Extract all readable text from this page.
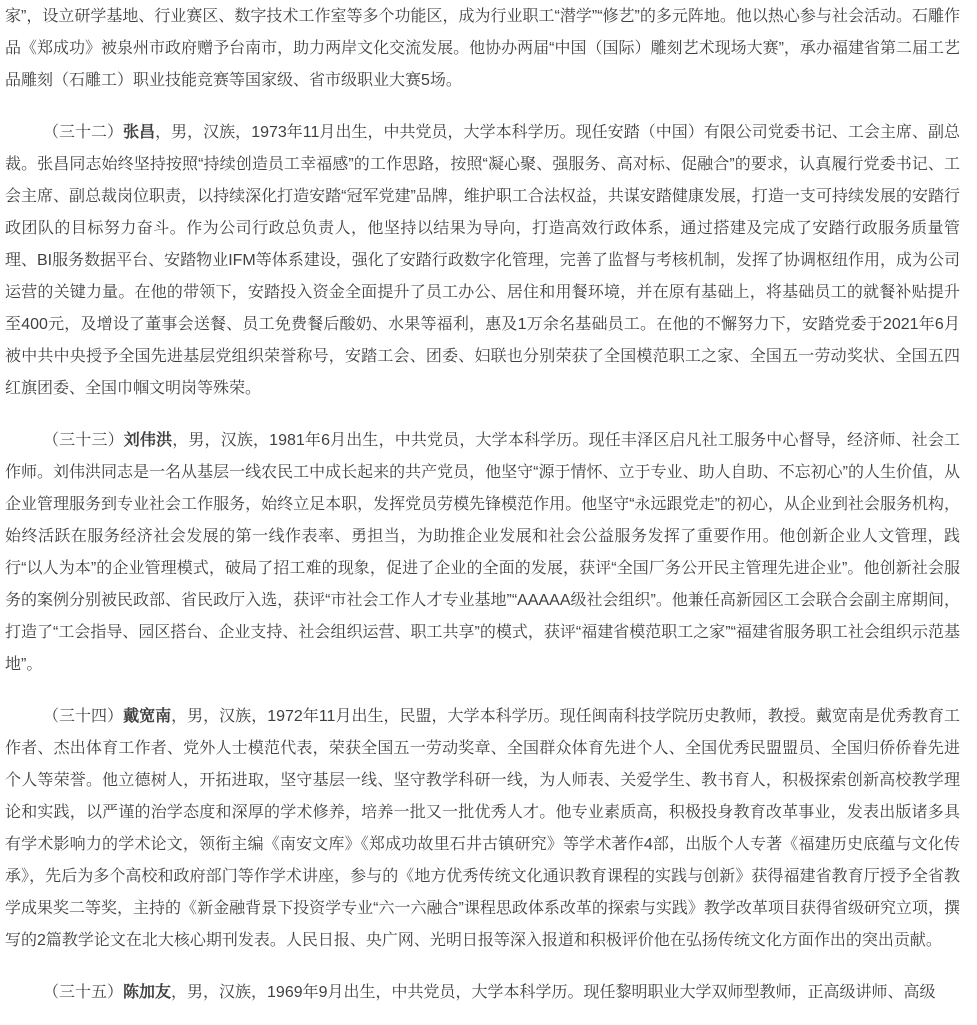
家”，设立研学基地、行业赛区、数字技术工作室等多个功能区，成为行业职工“潜学”“修艺”的多元阵地。他以热心参与社会活动。石雕作品《郑成功》被泉州市政府赠予台南市，助力两岸文化交流发展。他协办两届“中国（国际）雕刻艺术现场大赛”，承办福建省第二届工艺品雕刻（石雕工）职业技能竞赛等国家级、省市级职业大赛5场。

（三十二）张昌，男，汉族，1973年11月出生，中共党员，大学本科学历。现任安踏（中国）有限公司党委书记、工会主席、副总裁。张昌同志始终坚持按照“持续创造员工幸福感”的工作思路，按照“凝心聚、强服务、高对标、促融合”的要求，认真履行党委书记、工会主席、副总裁岗位职责，以持续深化打造安踏“冠军党建”品牌，维护职工合法权益，共谋安踏健康发展，打造一支可持续发展的安踏行政团队的目标努力奋斗。作为公司行政总负责人，他坚持以结果为导向，打造高效行政体系，通过搭建及完成了安踏行政服务质量管理、BI服务数据平台、安踏物业IFM等体系建设，强化了安踏行政数字化管理，完善了监督与考核机制，发挥了协调枢纽作用，成为公司运营的关键力量。在他的带领下，安踏投入资金全面提升了员工办公、居住和用餐环境，并在原有基础上，将基础员工的就餐补贴提升至400元，及增设了董事会送餐、员工免费餐后酸奶、水果等福利，惠及1万余名基础员工。在他的不懈努力下，安踏党委于2021年6月被中共中央授予全国先进基层党组织荣誉称号，安踏工会、团委、妇联也分别荣获了全国模范职工之家、全国五一劳动奖状、全国五四红旗团委、全国巾帼文明岗等殊荣。

（三十三）刘伟洪，男，汉族，1981年6月出生，中共党员，大学本科学历。现任丰泽区启凡社工服务中心督导，经济师、社会工作师。刘伟洪同志是一名从基层一线农民工中成长起来的共产党员，他坚守“源于情怀、立于专业、助人自助、不忘初心”的人生价值，从企业管理服务到专业社会工作服务，始终立足本职，发挥党员劳模先锋模范作用。他坚守“永远跟党走”的初心，从企业到社会服务机构，始终活跃在服务经济社会发展的第一线作表率、勇担当，为助推企业发展和社会公益服务发挥了重要作用。他创新企业人文管理，践行“以人为本”的企业管理模式，破局了招工难的现象，促进了企业的全面的发展，获评“全国厂务公开民主管理先进企业”。他创新社会服务的案例分别被民政部、省民政厅入选，获评“市社会工作人才专业基地”“AAAAA级社会组织”。他兼任高新园区工会联合会副主席期间，打造了“工会指导、园区搭台、企业支持、社会组织运营、职工共享”的模式，获评“福建省模范职工之家”“福建省服务职工社会组织示范基地”。

（三十四）戴宽南，男，汉族，1972年11月出生，民盟，大学本科学历。现任闽南科技学院历史教师，教授。戴宽南是优秀教育工作者、杰出体育工作者、党外人士模范代表，荣获全国五一劳动奖章、全国群众体育先进个人、全国优秀民盟盟员、全国归侨侨眷先进个人等荣誉。他立德树人，开拓进取，坚守基层一线、坚守教学科研一线，为人师表、关爱学生、教书育人，积极探索创新高校教学理论和实践，以严谨的治学态度和深厚的学术修养，培养一批又一批优秀人才。他专业素质高，积极投身教育改革事业，发表出版诸多具有学术影响力的学术论文，领衔主编《南安文库》《郑成功故里石井古镇研究》等学术著作4部，出版个人专著《福建历史底蕴与文化传承》，先后为多个高校和政府部门等作学术讲座，参与的《地方优秀传统文化通识教育课程的实践与创新》获得福建省教育厅授予全省教学成果奖二等奖，主持的《新金融背景下投资学专业“六一六融合”课程思政体系改革的探索与实践》教学改革项目获得省级研究立项，撰写的2篇教学论文在北大核心期刊发表。人民日报、央广网、光明日报等深入报道和积极评价他在弘扬传统文化方面作出的突出贡献。

（三十五）陈加友，男，汉族，1969年9月出生，中共党员，大学本科学历。现任黎明职业大学双师型教师，正高级讲师、高级
